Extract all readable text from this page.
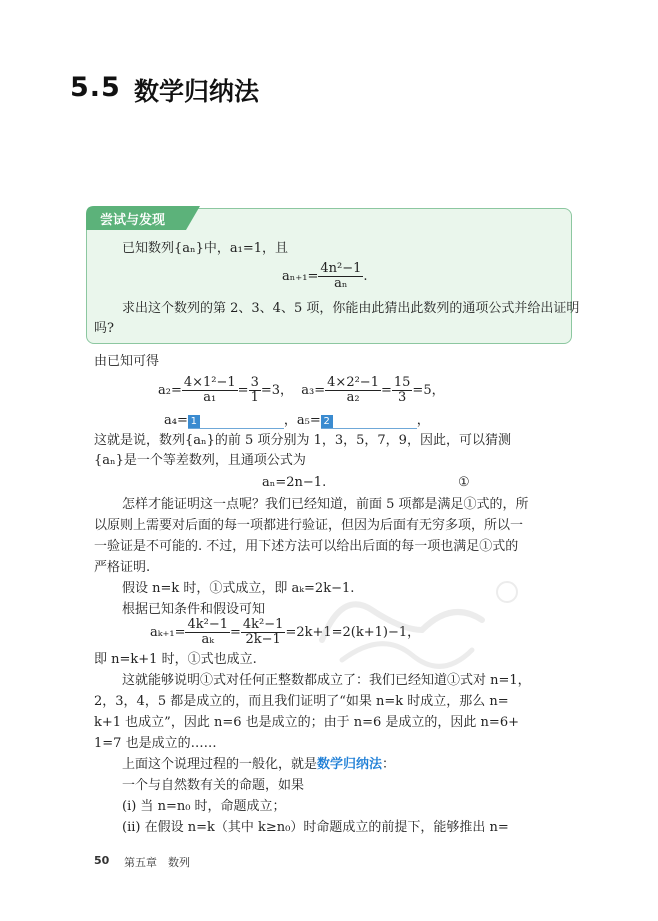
5.5 数学归纳法
尝试与发现
已知数列{aₙ}中，a₁=1，且
$a_{n+1}= \frac{\text{4n²−1}}{\text{aₙ}}$ .
求出这个数列的第 2、3、4、5 项，你能由此猜出此数列的通项公式并给出证明
吗?
由已知可得
$a_2= \frac{\text{4×1²−1}}{\text{a₁}} = \frac{3}{1} =3$， $a_3= \frac{\text{4×2²−1}}{\text{a₂}} = \frac{15}{3} =5$，
a₄= 1	，a₅= 2	，
这就是说，数列{aₙ}的前 5 项分别为 1，3，5，7，9，因此，可以猜测
{aₙ}是一个等差数列，且通项公式为
aₙ=2n−1.	①
怎样才能证明这一点呢？我们已经知道，前面 5 项都是满足①式的，所
以原则上需要对后面的每一项都进行验证，但因为后面有无穷多项，所以一
一验证是不可能的. 不过，用下述方法可以给出后面的每一项也满足①式的
严格证明.
假设 n=k 时，①式成立，即 aₖ=2k−1.
根据已知条件和假设可知
$a_{k+1}= \frac{\text{4k²−1}}{\text{aₖ}} = \frac{\text{4k²−1}}{2k-1} =2k+1=2(k+1)-1$，
即 n=k+1 时，①式也成立.
这就能够说明①式对任何正整数都成立了：我们已经知道①式对 n=1，
2，3，4，5 都是成立的，而且我们证明了“如果 n=k 时成立，那么 n=
k+1 也成立”，因此 n=6 也是成立的；由于 n=6 是成立的，因此 n=6+
1=7 也是成立的……
上面这个说理过程的一般化，就是数学归纳法：
一个与自然数有关的命题，如果
(i) 当 n=n₀ 时，命题成立；
(ii) 在假设 n=k（其中 k≥n₀）时命题成立的前提下，能够推出 n=
50 第五章　数列
